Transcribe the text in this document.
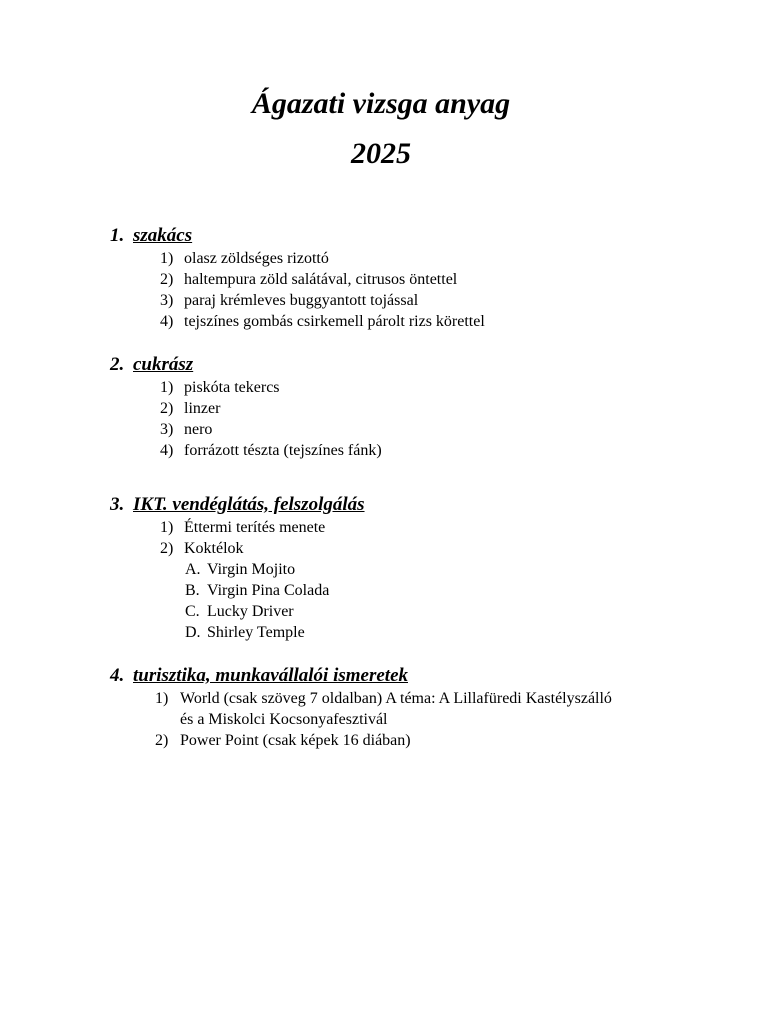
Ágazati vizsga anyag
2025
1. szakács
1) olasz zöldséges rizottó
2) haltempura zöld salátával, citrusos öntettel
3) paraj krémleves buggyantott tojással
4) tejszínes gombás csirkemell párolt rizs körettel
2. cukrász
1) piskóta tekercs
2) linzer
3) nero
4) forrázott tészta (tejszínes fánk)
3. IKT. vendéglátás, felszolgálás
1) Éttermi terítés menete
2) Koktélok
A. Virgin Mojito
B. Virgin Pina Colada
C. Lucky Driver
D. Shirley Temple
4. turisztika, munkavállalói ismeretek
1) World (csak szöveg 7 oldalban) A téma: A Lillafüredi Kastélyszálló
és a Miskolci Kocsonyafesztivál
2) Power Point (csak képek 16 diában)
